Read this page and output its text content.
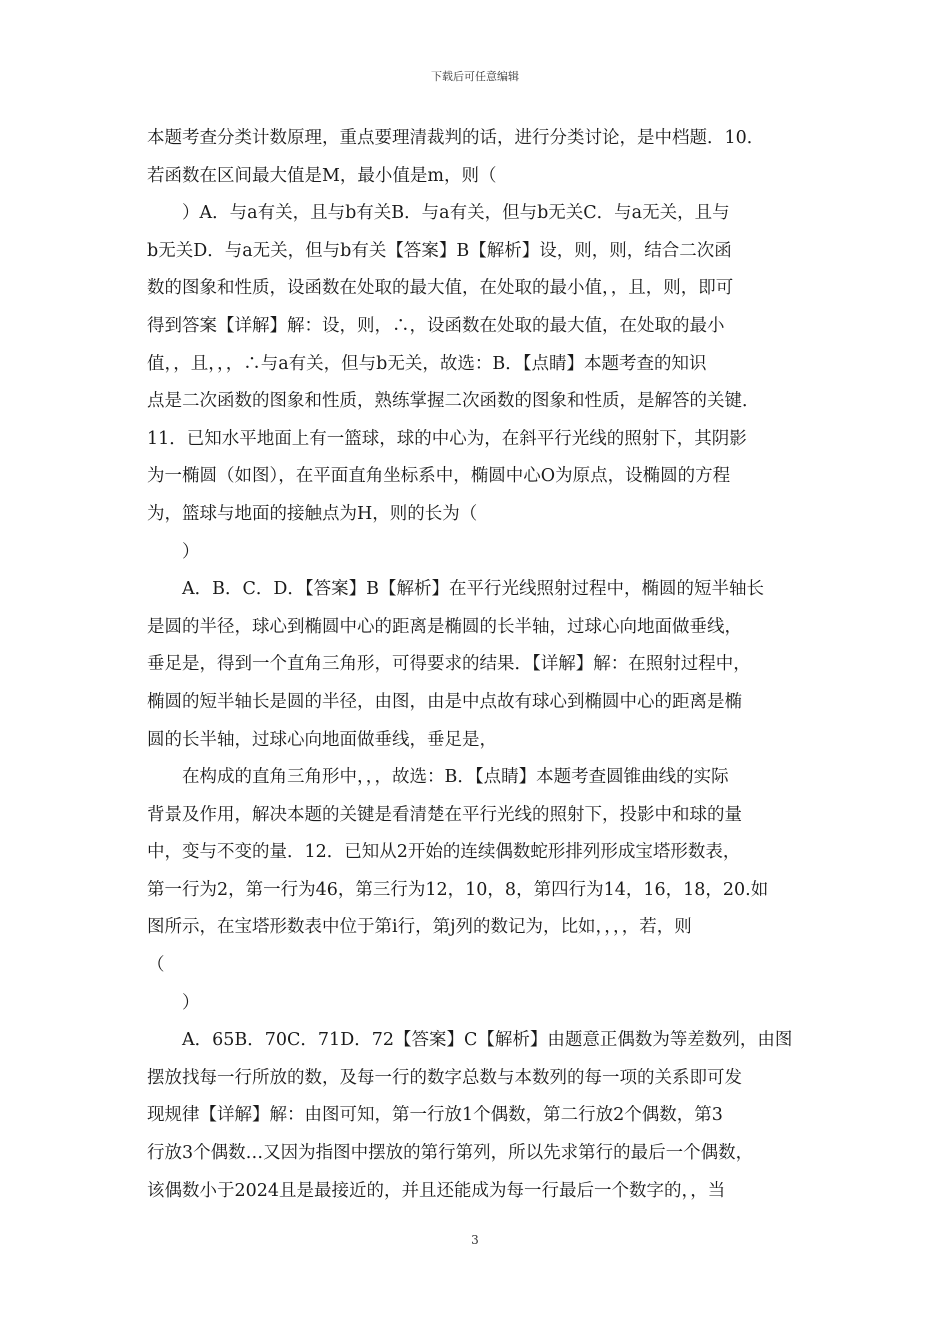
下载后可任意编辑
本题考查分类计数原理，重点要理清裁判的话，进行分类讨论，是中档题．10．
若函数在区间最大值是M，最小值是m，则（
）A．与a有关，且与b有关B．与a有关，但与b无关C．与a无关，且与
b无关D．与a无关，但与b有关【答案】B【解析】设，则，则，结合二次函
数的图象和性质，设函数在处取的最大值，在处取的最小值，，且，则，即可
得到答案【详解】解：设，则，∴，设函数在处取的最大值，在处取的最小
值，，且，，，∴与a有关，但与b无关，故选：B．【点睛】本题考查的知识
点是二次函数的图象和性质，熟练掌握二次函数的图象和性质，是解答的关键．
11．已知水平地面上有一篮球，球的中心为，在斜平行光线的照射下，其阴影
为一椭圆（如图），在平面直角坐标系中，椭圆中心O为原点，设椭圆的方程
为，篮球与地面的接触点为H，则的长为（
）
A．B．C．D．【答案】B【解析】在平行光线照射过程中，椭圆的短半轴长
是圆的半径，球心到椭圆中心的距离是椭圆的长半轴，过球心向地面做垂线，
垂足是，得到一个直角三角形，可得要求的结果．【详解】解：在照射过程中，
椭圆的短半轴长是圆的半径，由图，由是中点故有球心到椭圆中心的距离是椭
圆的长半轴，过球心向地面做垂线，垂足是，
在构成的直角三角形中，，，故选：B．【点睛】本题考查圆锥曲线的实际
背景及作用，解决本题的关键是看清楚在平行光线的照射下，投影中和球的量
中，变与不变的量．12．已知从2开始的连续偶数蛇形排列形成宝塔形数表，
第一行为2，第一行为46，第三行为12，10，8，第四行为14，16，18，20.如
图所示，在宝塔形数表中位于第i行，第j列的数记为，比如，，，，若，则
（
）
A．65B．70C．71D．72【答案】C【解析】由题意正偶数为等差数列，由图
摆放找每一行所放的数，及每一行的数字总数与本数列的每一项的关系即可发
现规律【详解】解：由图可知，第一行放1个偶数，第二行放2个偶数，第3
行放3个偶数…又因为指图中摆放的第行第列，所以先求第行的最后一个偶数，
该偶数小于2024且是最接近的，并且还能成为每一行最后一个数字的，，当
3
